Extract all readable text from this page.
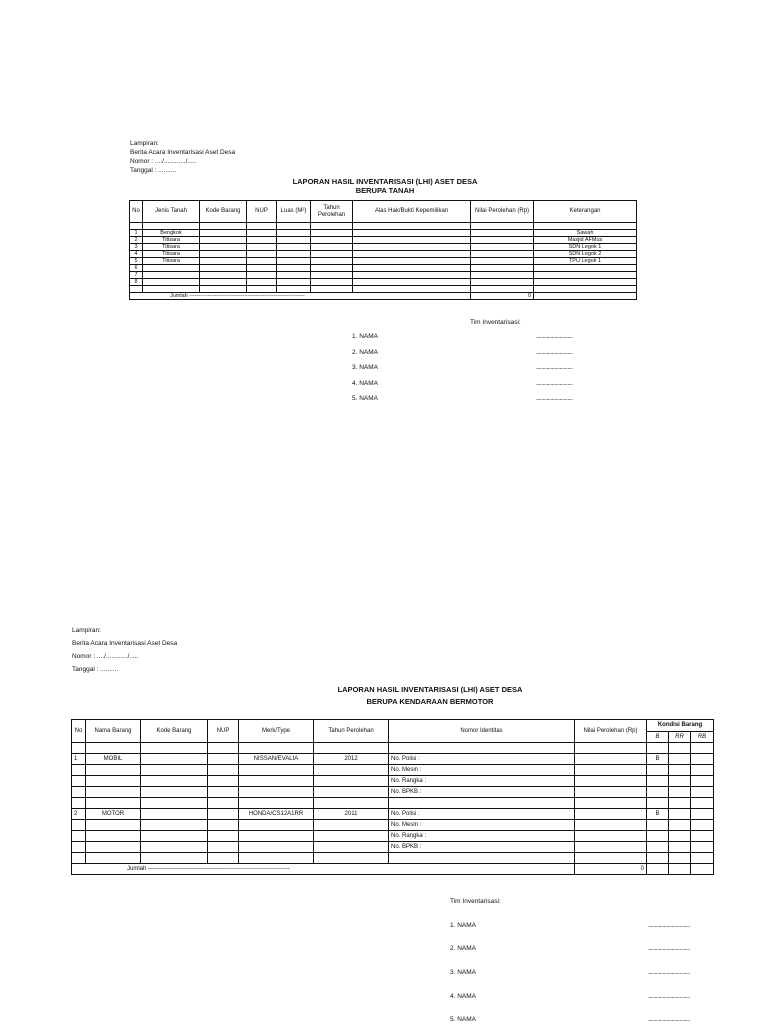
Lampiran:
Berita Acara Inventarisasi Aset Desa
Nomor : ..../............/.....
Tanggal : ..........
LAPORAN HASIL INVENTARISASI (LHI) ASET DESA
BERUPA TANAH
No	Jenis Tanah	Kode Barang	NUP	Luas (M²)	Tahun Perolehan	Alas Hak/Bukti Kepemilikan	Nilai Perolehan (Rp)	Keterangan

1	Bengkok							Sawah
2	Titisara							Masjid AFMus
3	Titisara							SDN Legok 1
4	Titisara							SDN Legok 2
5	Titisara							TPU Legok 1
6								
7								
8								

Jumlah ---------------------------------------------------------------							0	
Tim Inventarisasi:
1. NAMA	............................
2. NAMA	............................
3. NAMA	............................
4. NAMA	............................
5. NAMA	............................
Lampiran:
Berita Acara Inventarisasi Aset Desa
Nomor : ..../............/.....
Tanggal : ..........
LAPORAN HASIL INVENTARISASI (LHI) ASET DESA
BERUPA KENDARAAN BERMOTOR
No	Nama Barang	Kode Barang	NUP	Merk/Type	Tahun Perolehan	Nomor Identitas	Nilai Perolehan (Rp)	Kondisi Barang		
								B	RR	RB

1	MOBIL			NISSAN/EVALIA	2012	No. Polisi :		B		
						No. Mesin :				
						No. Rangka :				
						No. BPKB :				

2	MOTOR			HONDA/CS12A1RR	2011	No. Polisi :		B		
						No. Mesin :				
						No. Rangka :				
						No. BPKB :				

Jumlah -----------------------------------------------------------------------							0			
Tim Inventarisasi:
1. NAMA	................................
2. NAMA	................................
3. NAMA	................................
4. NAMA	................................
5. NAMA	................................
